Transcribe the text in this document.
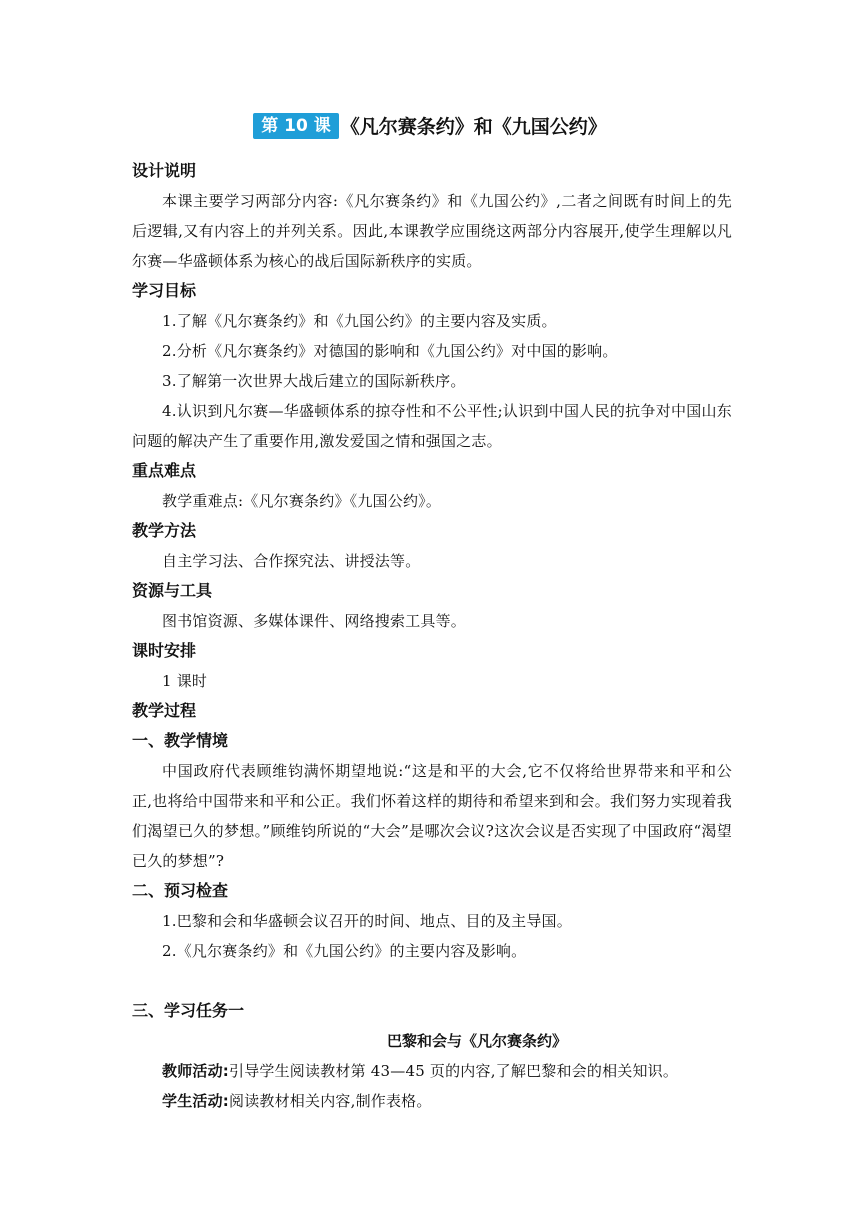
第 10 课 《凡尔赛条约》和《九国公约》

设计说明

本课主要学习两部分内容:《凡尔赛条约》和《九国公约》,二者之间既有时间上的先后逻辑,又有内容上的并列关系。因此,本课教学应围绕这两部分内容展开,使学生理解以凡尔赛—华盛顿体系为核心的战后国际新秩序的实质。

学习目标

1.了解《凡尔赛条约》和《九国公约》的主要内容及实质。

2.分析《凡尔赛条约》对德国的影响和《九国公约》对中国的影响。

3.了解第一次世界大战后建立的国际新秩序。

4.认识到凡尔赛—华盛顿体系的掠夺性和不公平性;认识到中国人民的抗争对中国山东问题的解决产生了重要作用,激发爱国之情和强国之志。

重点难点

教学重难点:《凡尔赛条约》《九国公约》。

教学方法

自主学习法、合作探究法、讲授法等。

资源与工具

图书馆资源、多媒体课件、网络搜索工具等。

课时安排

1 课时

教学过程

一、教学情境

中国政府代表顾维钧满怀期望地说:“这是和平的大会,它不仅将给世界带来和平和公正,也将给中国带来和平和公正。我们怀着这样的期待和希望来到和会。我们努力实现着我们渴望已久的梦想。”顾维钧所说的“大会”是哪次会议?这次会议是否实现了中国政府“渴望已久的梦想”?

二、预习检查

1.巴黎和会和华盛顿会议召开的时间、地点、目的及主导国。

2.《凡尔赛条约》和《九国公约》的主要内容及影响。

三、学习任务一

巴黎和会与《凡尔赛条约》

教师活动:引导学生阅读教材第 43—45 页的内容,了解巴黎和会的相关知识。

学生活动:阅读教材相关内容,制作表格。
